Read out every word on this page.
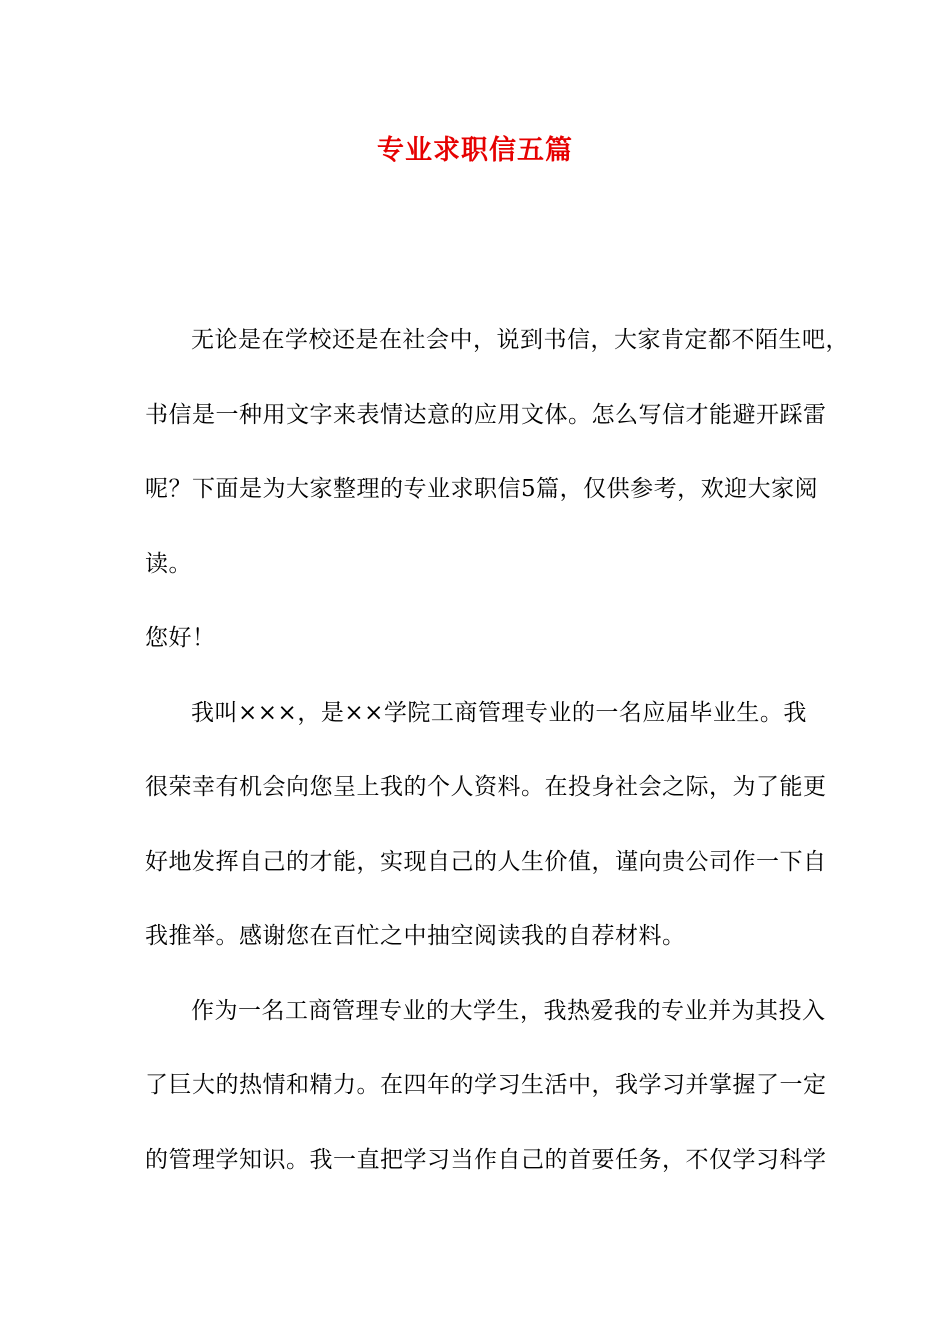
专业求职信五篇
无论是在学校还是在社会中，说到书信，大家肯定都不陌生吧，
书信是一种用文字来表情达意的应用文体。怎么写信才能避开踩雷
呢？下面是为大家整理的专业求职信5篇，仅供参考，欢迎大家阅
读。
您好！
我叫×××，是××学院工商管理专业的一名应届毕业生。我
很荣幸有机会向您呈上我的个人资料。在投身社会之际，为了能更
好地发挥自己的才能，实现自己的人生价值，谨向贵公司作一下自
我推举。感谢您在百忙之中抽空阅读我的自荐材料。
作为一名工商管理专业的大学生，我热爱我的专业并为其投入
了巨大的热情和精力。在四年的学习生活中，我学习并掌握了一定
的管理学知识。我一直把学习当作自己的首要任务，不仅学习科学
